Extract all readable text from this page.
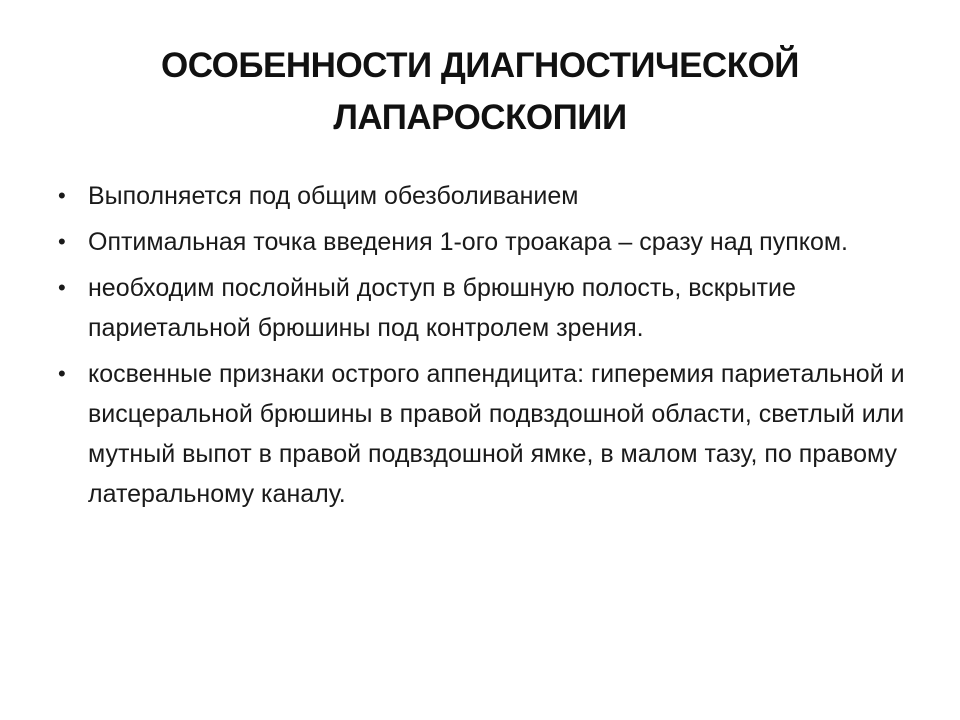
ОСОБЕННОСТИ ДИАГНОСТИЧЕСКОЙ
ЛАПАРОСКОПИИ
• Выполняется под общим обезболиванием
• Оптимальная точка введения 1-ого троакара – сразу над пупком.
• необходим послойный доступ в брюшную полость, вскрытие париетальной брюшины под контролем зрения.
• косвенные признаки острого аппендицита: гиперемия париетальной и висцеральной брюшины в правой подвздошной области, светлый или мутный выпот в правой подвздошной ямке, в малом тазу, по правому латеральному каналу.
